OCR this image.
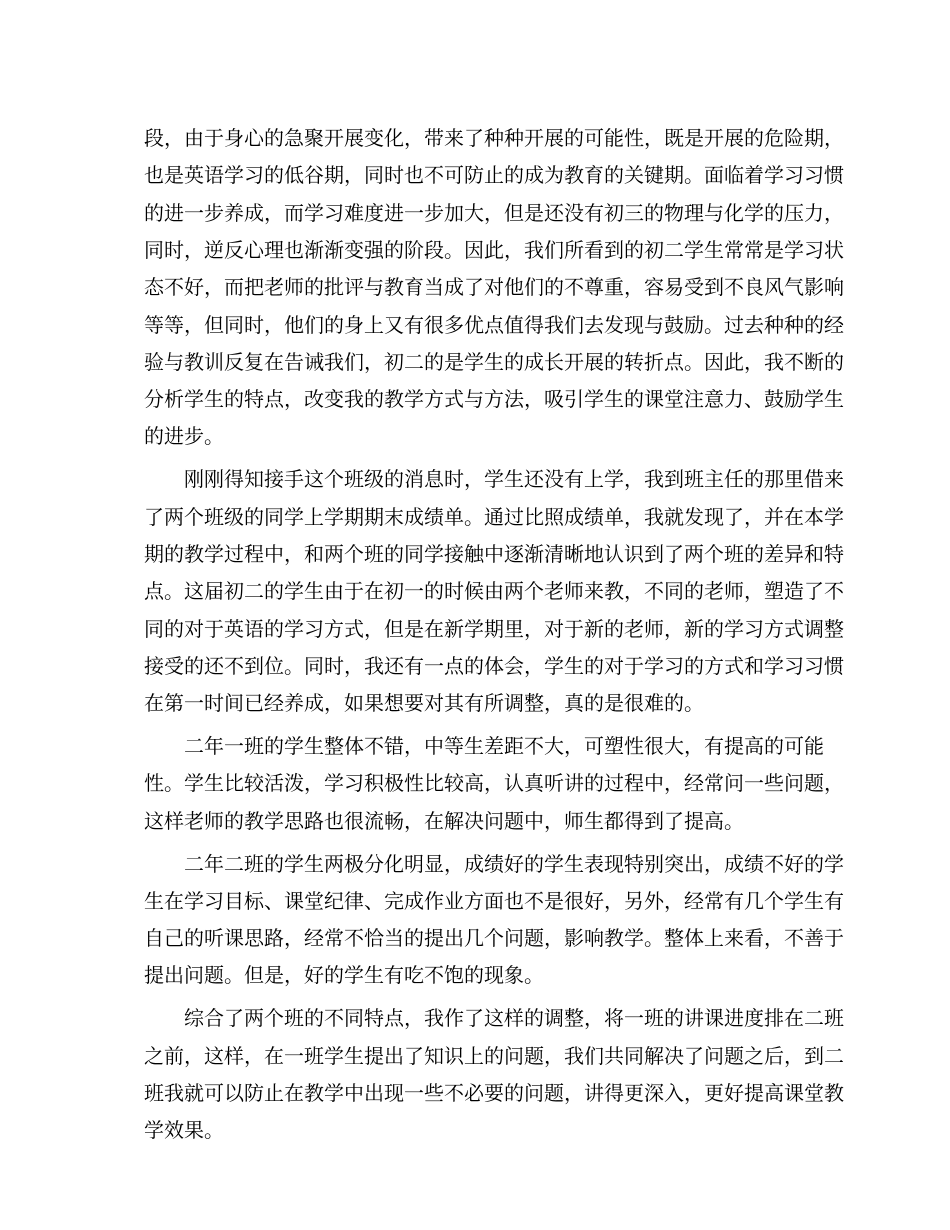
段，由于身心的急聚开展变化，带来了种种开展的可能性，既是开展的危险期，
也是英语学习的低谷期，同时也不可防止的成为教育的关键期。面临着学习习惯
的进一步养成，而学习难度进一步加大，但是还没有初三的物理与化学的压力，
同时，逆反心理也渐渐变强的阶段。因此，我们所看到的初二学生常常是学习状
态不好，而把老师的批评与教育当成了对他们的不尊重，容易受到不良风气影响
等等，但同时，他们的身上又有很多优点值得我们去发现与鼓励。过去种种的经
验与教训反复在告诫我们，初二的是学生的成长开展的转折点。因此，我不断的
分析学生的特点，改变我的教学方式与方法，吸引学生的课堂注意力、鼓励学生
的进步。
刚刚得知接手这个班级的消息时，学生还没有上学，我到班主任的那里借来
了两个班级的同学上学期期末成绩单。通过比照成绩单，我就发现了，并在本学
期的教学过程中，和两个班的同学接触中逐渐清晰地认识到了两个班的差异和特
点。这届初二的学生由于在初一的时候由两个老师来教，不同的老师，塑造了不
同的对于英语的学习方式，但是在新学期里，对于新的老师，新的学习方式调整
接受的还不到位。同时，我还有一点的体会，学生的对于学习的方式和学习习惯
在第一时间已经养成，如果想要对其有所调整，真的是很难的。
二年一班的学生整体不错，中等生差距不大，可塑性很大，有提高的可能
性。学生比较活泼，学习积极性比较高，认真听讲的过程中，经常问一些问题，
这样老师的教学思路也很流畅，在解决问题中，师生都得到了提高。
二年二班的学生两极分化明显，成绩好的学生表现特别突出，成绩不好的学
生在学习目标、课堂纪律、完成作业方面也不是很好，另外，经常有几个学生有
自己的听课思路，经常不恰当的提出几个问题，影响教学。整体上来看，不善于
提出问题。但是，好的学生有吃不饱的现象。
综合了两个班的不同特点，我作了这样的调整，将一班的讲课进度排在二班
之前，这样，在一班学生提出了知识上的问题，我们共同解决了问题之后，到二
班我就可以防止在教学中出现一些不必要的问题，讲得更深入，更好提高课堂教
学效果。
